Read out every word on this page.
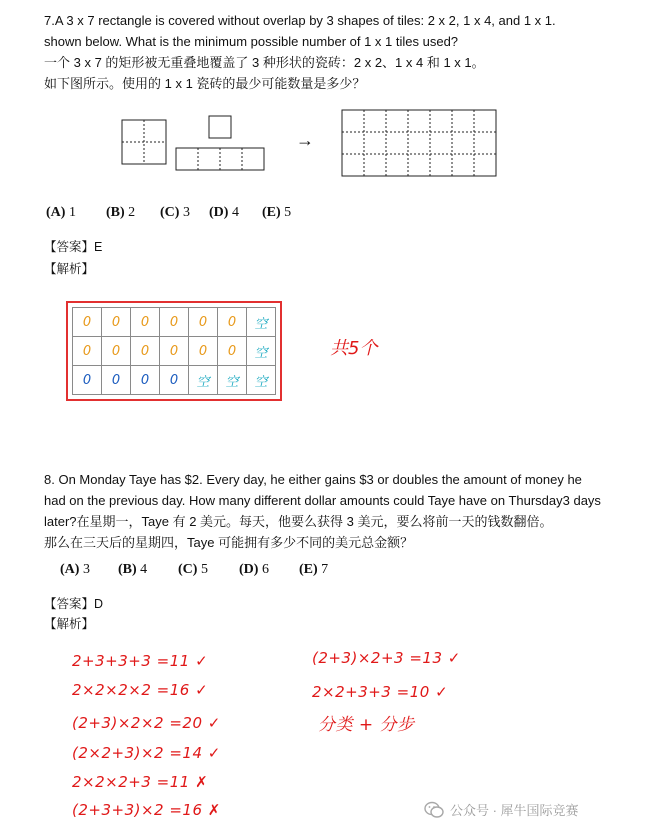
7.A 3 x 7 rectangle is covered without overlap by 3 shapes of tiles: 2 x 2, 1 x 4, and 1 x 1.
shown below. What is the minimum possible number of 1 x 1 tiles used?
一个 3 x 7 的矩形被无重叠地覆盖了 3 种形状的瓷砖：2 x 2、1 x 4 和 1 x 1。
如下图所示。使用的 1 x 1 瓷砖的最少可能数量是多少？
→
(A) 1 (B) 2 (C) 3 (D) 4 (E) 5
【答案】E
【解析】
0	0	0	0	0	0	空
0	0	0	0	0	0	空
0	0	0	0	空	空	空
共5个
8. On Monday Taye has $2. Every day, he either gains $3 or doubles the amount of money he
had on the previous day. How many different dollar amounts could Taye have on Thursday3 days
later?在星期一，Taye 有 2 美元。每天，他要么获得 3 美元，要么将前一天的钱数翻倍。
那么在三天后的星期四，Taye 可能拥有多少不同的美元总金额？
(A) 3 (B) 4 (C) 5 (D) 6 (E) 7
【答案】D
【解析】
2+3+3+3 =11 ✓
2×2×2×2 =16 ✓
(2+3)×2×2 =20 ✓
(2×2+3)×2 =14 ✓
2×2×2+3 =11 ✗
(2+3+3)×2 =16 ✗
(2+3)×2+3 =13 ✓
2×2+3+3 =10 ✓
分类 + 分步
公众号 · 犀牛国际竞赛
